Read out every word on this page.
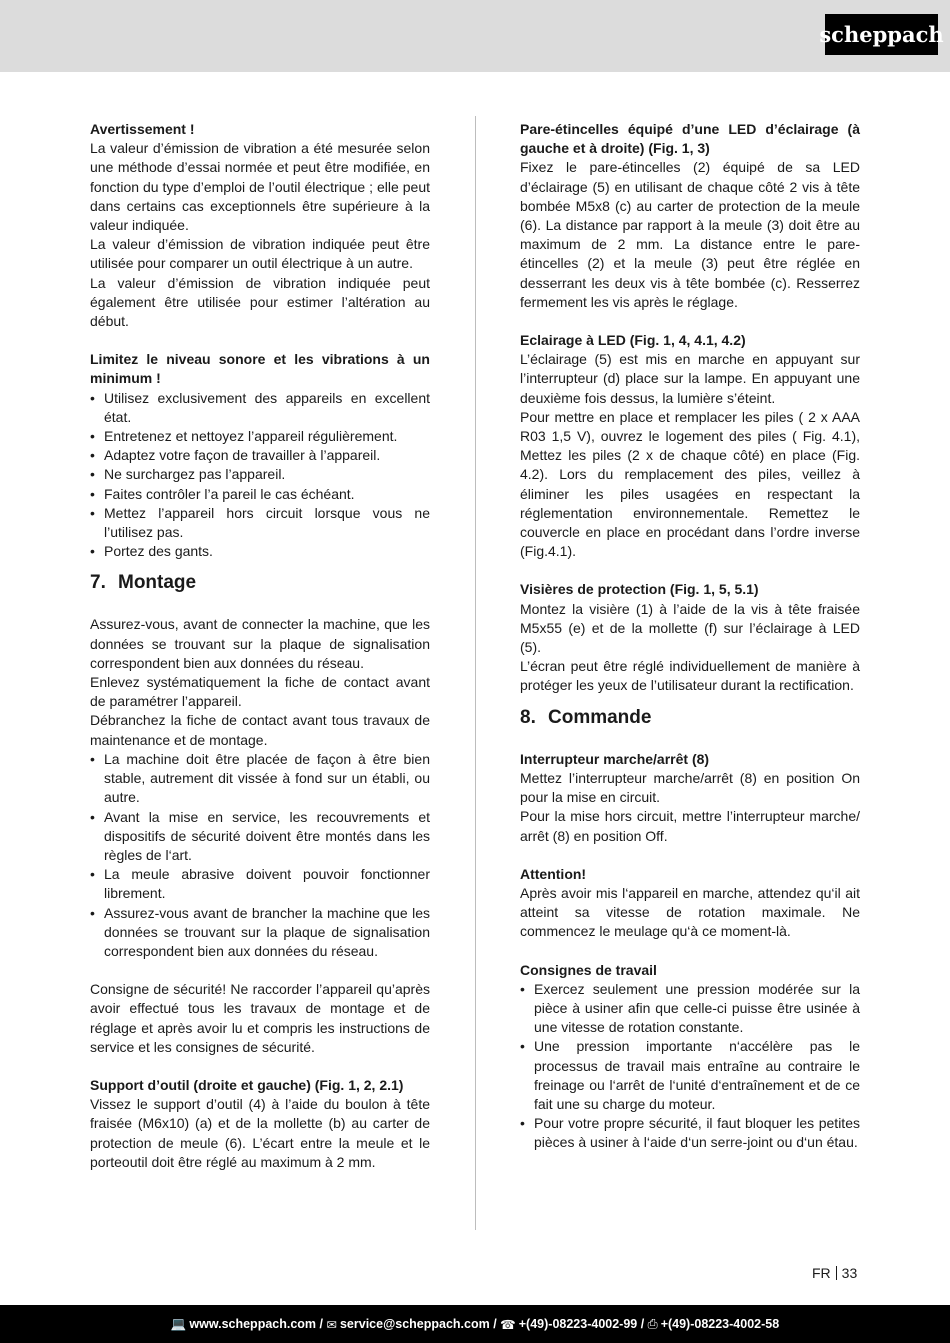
scheppach

Avertissement !

La valeur d’émission de vibration a été mesurée selon une méthode d’essai normée et peut être modifiée, en fonction du type d’emploi de l’outil électrique ; elle peut dans certains cas exceptionnels être supérieure à la valeur indiquée.

La valeur d’émission de vibration indiquée peut être utilisée pour comparer un outil électrique à un autre.

La valeur d’émission de vibration indiquée peut également être utilisée pour estimer l’altération au début.

Limitez le niveau sonore et les vibrations à un minimum !

• Utilisez exclusivement des appareils en excellent état.
• Entretenez et nettoyez l’appareil régulièrement.
• Adaptez votre façon de travailler à l’appareil.
• Ne surchargez pas l’appareil.
• Faites contrôler l’a pareil le cas échéant.
• Mettez l’appareil hors circuit lorsque vous ne l’utilisez pas.
• Portez des gants.
7. Montage

Assurez-vous, avant de connecter la machine, que les données se trouvant sur la plaque de signalisation correspondent bien aux données du réseau.

Enlevez systématiquement la fiche de contact avant de paramétrer l’appareil.

Débranchez la fiche de contact avant tous travaux de maintenance et de montage.

• La machine doit être placée de façon à être bien stable, autrement dit vissée à fond sur un établi, ou autre.
• Avant la mise en service, les recouvrements et dispositifs de sécurité doivent être montés dans les règles de l‘art.
• La meule abrasive doivent pouvoir fonctionner librement.
• Assurez-vous avant de brancher la machine que les données se trouvant sur la plaque de signalisation correspondent bien aux données du réseau.

Consigne de sécurité! Ne raccorder l’appareil qu’après avoir effectué tous les travaux de montage et de réglage et après avoir lu et compris les instructions de service et les consignes de sécurité.

Support d’outil (droite et gauche) (Fig. 1, 2, 2.1)

Vissez le support d’outil (4) à l’aide du boulon à tête fraisée (M6x10) (a) et de la mollette (b) au carter de protection de meule (6). L’écart entre la meule et le porteoutil doit être réglé au maximum à 2 mm.

Pare-étincelles équipé d’une LED d’éclairage (à gauche et à droite) (Fig. 1, 3)

Fixez le pare-étincelles (2) équipé de sa LED d’éclairage (5) en utilisant de chaque côté 2 vis à tête bombée M5x8 (c) au carter de protection de la meule (6). La distance par rapport à la meule (3) doit être au maximum de 2 mm. La distance entre le pare-étincelles (2) et la meule (3) peut être réglée en desserrant les deux vis à tête bombée (c). Resserrez fermement les vis après le réglage.

Eclairage à LED (Fig. 1, 4, 4.1, 4.2)

L’éclairage (5) est mis en marche en appuyant sur l’interrupteur (d) place sur la lampe. En appuyant une deuxième fois dessus, la lumière s’éteint.

Pour mettre en place et remplacer les piles ( 2 x AAA R03 1,5 V), ouvrez le logement des piles ( Fig. 4.1), Mettez les piles (2 x de chaque côté) en place (Fig. 4.2). Lors du remplacement des piles, veillez à éliminer les piles usagées en respectant la réglementation environnementale. Remettez le couvercle en place en procédant dans l’ordre inverse (Fig.4.1).

Visières de protection (Fig. 1, 5, 5.1)

Montez la visière (1) à l’aide de la vis à tête fraisée M5x55 (e) et de la mollette (f) sur l’éclairage à LED (5).

L’écran peut être réglé individuellement de manière à protéger les yeux de l’utilisateur durant la rectification.

8. Commande

Interrupteur marche/arrêt (8)

Mettez l’interrupteur marche/arrêt (8) en position On pour la mise en circuit.

Pour la mise hors circuit, mettre l’interrupteur marche/ arrêt (8) en position Off.

Attention!

Après avoir mis l‘appareil en marche, attendez qu‘il ait atteint sa vitesse de rotation maximale. Ne commencez le meulage qu‘à ce moment-là.

Consignes de travail

• Exercez seulement une pression modérée sur la pièce à usiner afin que celle-ci puisse être usinée à une vitesse de rotation constante.
• Une pression importante n‘accélère pas le processus de travail mais entraîne au contraire le freinage ou l‘arrêt de l‘unité d‘entraînement et de ce fait une su charge du moteur.
• Pour votre propre sécurité, il faut bloquer les petites pièces à usiner à l‘aide d‘un serre-joint ou d‘un étau.
FR 33
💻 www.scheppach.com /
✉ service@scheppach.com /
☎ +(49)-08223-4002-99 /
⎙ +(49)-08223-4002-58
